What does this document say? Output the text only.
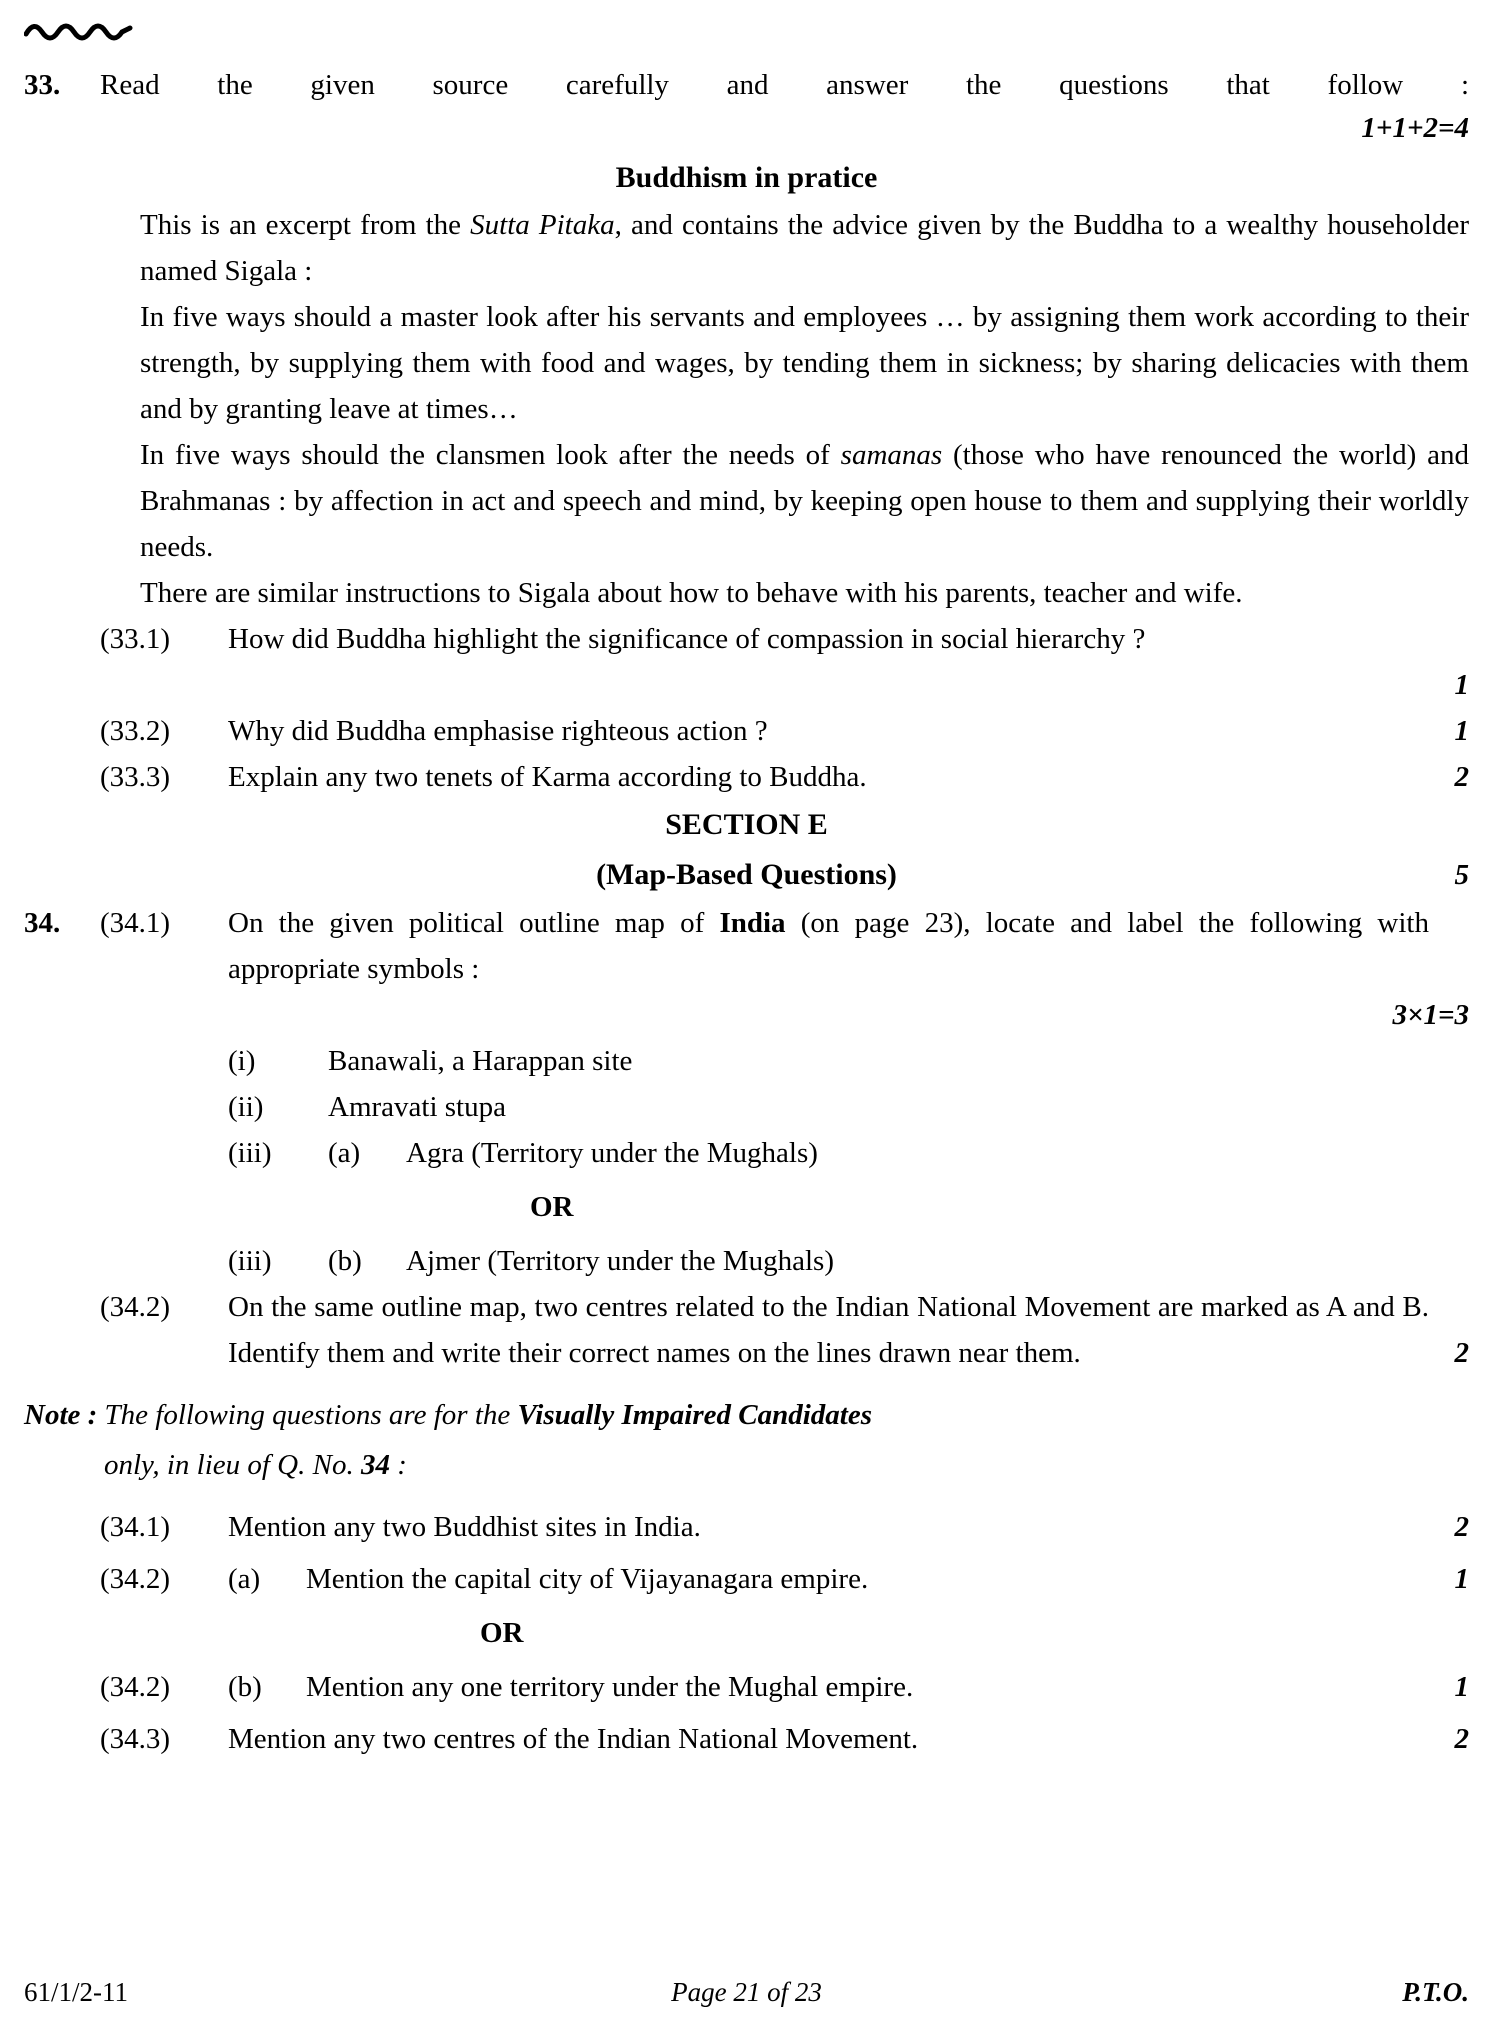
33.	Read the given source carefully and answer the questions that follow :
1+1+2=4
Buddhism in pratice

This is an excerpt from the Sutta Pitaka, and contains the advice given by the Buddha to a wealthy householder named Sigala :

In five ways should a master look after his servants and employees … by assigning them work according to their strength, by supplying them with food and wages, by tending them in sickness; by sharing delicacies with them and by granting leave at times…

In five ways should the clansmen look after the needs of samanas (those who have renounced the world) and Brahmanas : by affection in act and speech and mind, by keeping open house to them and supplying their worldly needs.

There are similar instructions to Sigala about how to behave with his parents, teacher and wife.

(33.1)	How did Buddha highlight the significance of compassion in social hierarchy ?
1
(33.2)	Why did Buddha emphasise righteous action ?	1
(33.3)	Explain any two tenets of Karma according to Buddha.	2
SECTION E
(Map-Based Questions)	5
34.	(34.1)	On the given political outline map of India (on page 23), locate and label the following with appropriate symbols :
3×1=3
(i)	Banawali, a Harappan site
(ii)	Amravati stupa
(iii)	(a)	Agra (Territory under the Mughals)
OR
(iii)	(b)	Ajmer (Territory under the Mughals)
(34.2)	On the same outline map, two centres related to the Indian National Movement are marked as A and B. Identify them and write their correct names on the lines drawn near them.	2
Note : The following questions are for the Visually Impaired Candidates
only, in lieu of Q. No. 34 :
(34.1)	Mention any two Buddhist sites in India.	2
(34.2)	(a)	Mention the capital city of Vijayanagara empire.	1
OR
(34.2)	(b)	Mention any one territory under the Mughal empire.	1
(34.3)	Mention any two centres of the Indian National Movement.	2
61/1/2-11	Page 21 of 23	P.T.O.
